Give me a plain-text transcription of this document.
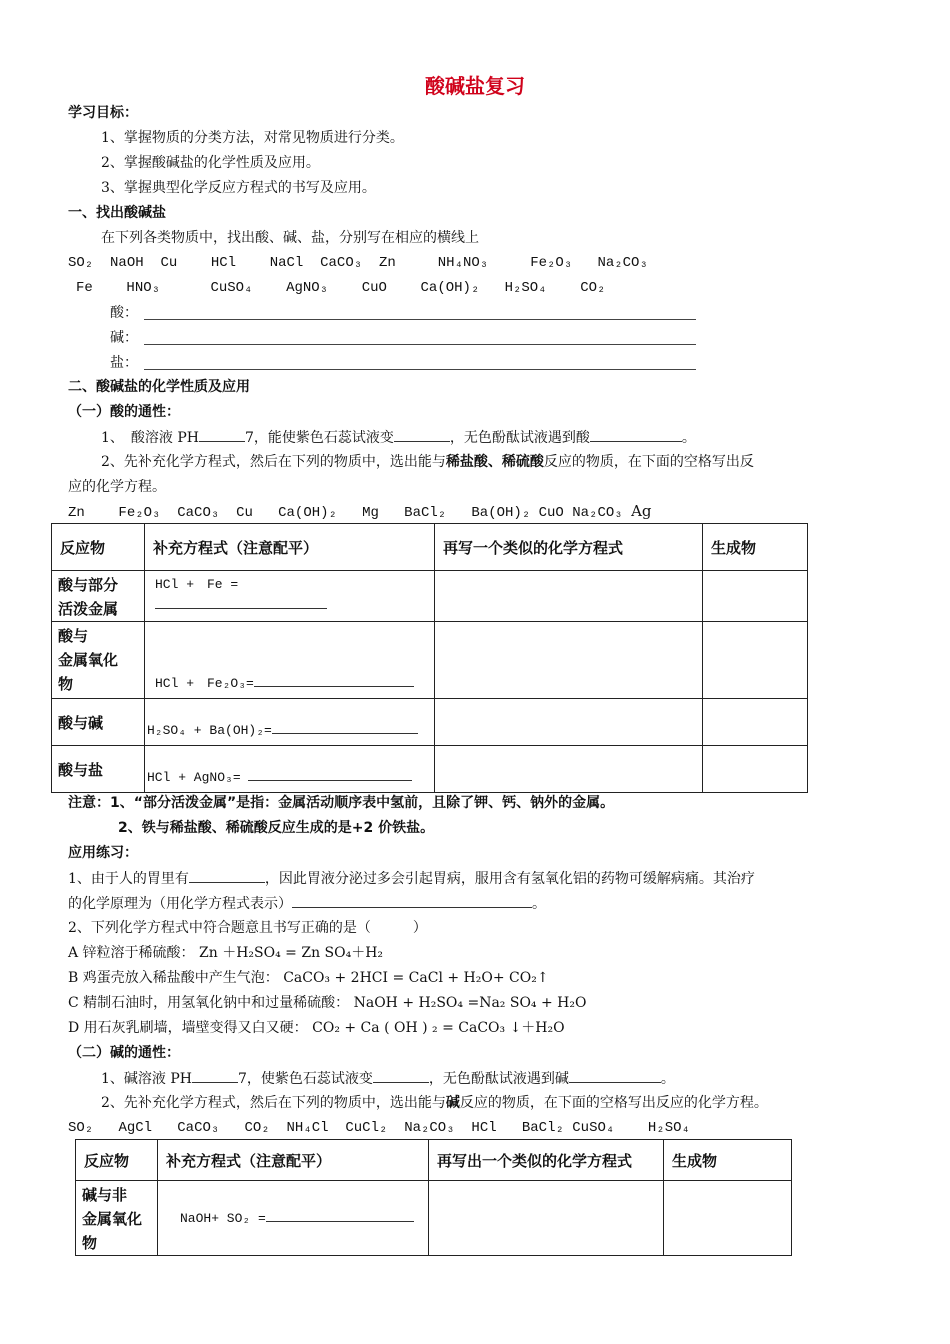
酸碱盐复习
学习目标：
1、掌握物质的分类方法，对常见物质进行分类。
2、掌握酸碱盐的化学性质及应用。
3、掌握典型化学反应方程式的书写及应用。
一、找出酸碱盐
在下列各类物质中，找出酸、碱、盐，分别写在相应的横线上
SO₂ NaOH Cu HCl NaCl CaCO₃ Zn	NH₄NO₃	Fe₂O₃ Na₂CO₃
Fe HNO₃	CuSO₄ AgNO₃ CuO Ca(OH)₂ H₂SO₄ CO₂
酸：
碱：
盐：
二、酸碱盐的化学性质及应用
（一）酸的通性：
1、　酸溶液 PH	7，能使紫色石蕊试液变	，无色酚酞试液遇到酸	。
2、先补充化学方程式，然后在下列的物质中，选出能与稀盐酸、稀硫酸反应的物质，在下面的空格写出反
应的化学方程。
Zn Fe₂O₃ CaCO₃ Cu Ca(OH)₂ Mg BaCl₂ Ba(OH)₂ CuO Na₂CO₃ Ag
反应物	补充方程式（注意配平）	再写一个类似的化学方程式	生成物

酸与部分
活泼金属	HCl +　Fe =		

酸与
金属氧化
物	HCl +　Fe₂O₃=		

酸与碱	H₂SO₄ + Ba(OH)₂=		

酸与盐	HCl + AgNO₃=		

注意：1、“部分活泼金属”是指：金属活动顺序表中氢前，且除了钾、钙、钠外的金属。
2、铁与稀盐酸、稀硫酸反应生成的是+2 价铁盐。
应用练习：
1、由于人的胃里有	，因此胃液分泌过多会引起胃病，服用含有氢氧化铝的药物可缓解病痛。其治疗
的化学原理为（用化学方程式表示）	。
2、下列化学方程式中符合题意且书写正确的是（　　　）
A 锌粒溶于稀硫酸： Zn ＋H₂SO₄ = Zn SO₄＋H₂
B 鸡蛋壳放入稀盐酸中产生气泡： CaCO₃ + 2HCI = CaCl + H₂O+ CO₂↑
C 精制石油时，用氢氧化钠中和过量稀硫酸： NaOH + H₂SO₄ =Na₂ SO₄ + H₂O
D 用石灰乳刷墙，墙壁变得又白又硬： CO₂ + Ca ( OH ) ₂ = CaCO₃ ↓＋H₂O
（二）碱的通性：
1、碱溶液 PH	7，使紫色石蕊试液变	，无色酚酞试液遇到碱	。
2、先补充化学方程式，然后在下列的物质中，选出能与碱反应的物质，在下面的空格写出反应的化学方程。
SO₂ AgCl CaCO₃ CO₂ NH₄Cl CuCl₂ Na₂CO₃ HCl BaCl₂ CuSO₄ H₂SO₄
反应物	补充方程式（注意配平）	再写出一个类似的化学方程式	生成物

碱与非
金属氧化
物	NaOH+ SO₂ =		
